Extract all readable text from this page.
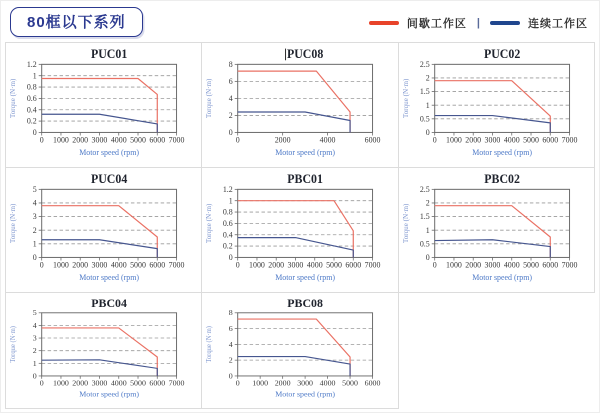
80框以下系列	间歇工作区 |	连续工作区
PUC01
0 1000 2000 3000 4000 5000 6000 7000
0
0.2
0.4
0.6
0.8
1
1.2
Torque (N·m)
Motor speed (rpm)
PUC08
0	2000	4000	6000
0
2
4
6
8
Torque (N·m)
Motor speed (rpm)
PUC02
0 1000 2000 3000 4000 5000 6000 7000
0
0.5
1
1.5
2
2.5
Torque (N·m)
Motor speed (rpm)
PUC04
0 1000 2000 3000 4000 5000 6000 7000
0
1
2
3
4
5
Torque (N·m)
Motor speed (rpm)
PBC01
0 1000 2000 3000 4000 5000 6000 7000
0
0.2
0.4
0.6
0.8
1
1.2
Torque (N·m)
Motor speed (rpm)
PBC02
0 1000 2000 3000 4000 5000 6000 7000
0
0.5
1
1.5
2
2.5
Torque (N·m)
Motor speed (rpm)
PBC04
0 1000 2000 3000 4000 5000 6000 7000
0
1
2
3
4
5
Torque (N·m)
Motor speed (rpm)
PBC08
0 1000 2000 3000 4000 5000 6000
0
2
4
6
8
Torque (N·m)
Motor speed (rpm)
